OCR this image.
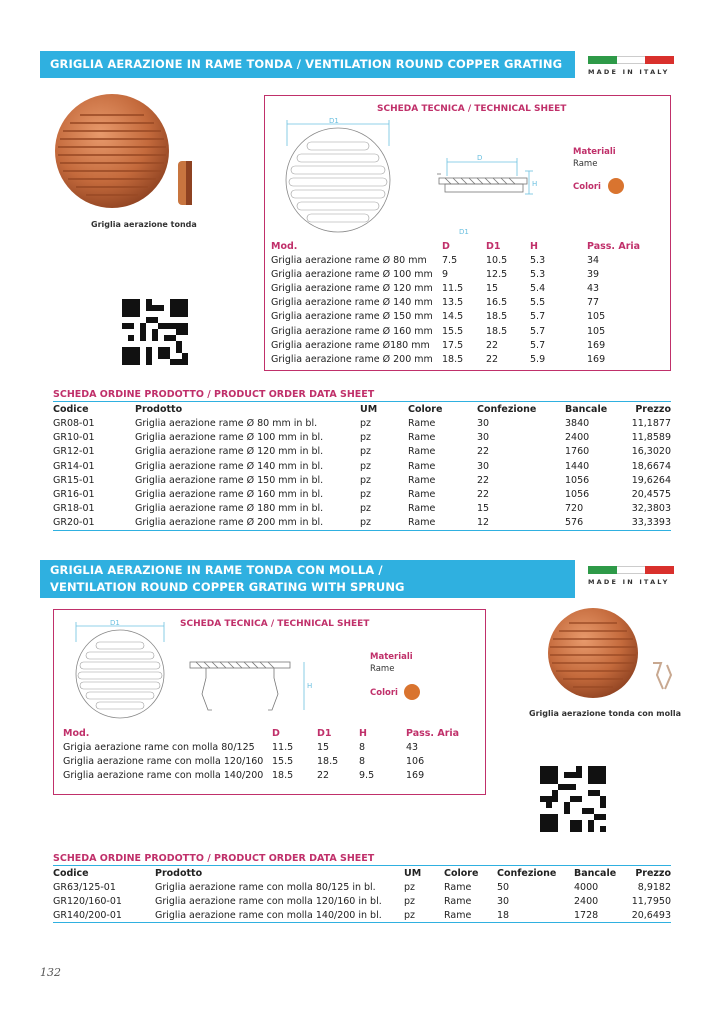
GRIGLIA AERAZIONE IN RAME TONDA / VENTILATION ROUND COPPER GRATING
MADE IN ITALY
Griglia aerazione tonda
SCHEDA TECNICA / TECHNICAL SHEET
D1
D
H
D1
Materiali
Rame
Colori
Mod.	D	D1	H	Pass. Aria
Griglia aerazione rame Ø 80 mm	7.5	10.5	5.3	34
Griglia aerazione rame Ø 100 mm	9	12.5	5.3	39
Griglia aerazione rame Ø 120 mm	11.5	15	5.4	43
Griglia aerazione rame Ø 140 mm	13.5	16.5	5.5	77
Griglia aerazione rame Ø 150 mm	14.5	18.5	5.7	105
Griglia aerazione rame Ø 160 mm	15.5	18.5	5.7	105
Griglia aerazione rame Ø180 mm	17.5	22	5.7	169
Griglia aerazione rame Ø 200 mm	18.5	22	5.9	169
SCHEDA ORDINE PRODOTTO / PRODUCT ORDER DATA SHEET
Codice	Prodotto	UM	Colore	Confezione	Bancale	Prezzo
GR08-01	Griglia aerazione rame Ø 80 mm in bl.	pz	Rame	30	3840	11,1877
GR10-01	Griglia aerazione rame Ø 100 mm in bl.	pz	Rame	30	2400	11,8589
GR12-01	Griglia aerazione rame Ø 120 mm in bl.	pz	Rame	22	1760	16,3020
GR14-01	Griglia aerazione rame Ø 140 mm in bl.	pz	Rame	30	1440	18,6674
GR15-01	Griglia aerazione rame Ø 150 mm in bl.	pz	Rame	22	1056	19,6264
GR16-01	Griglia aerazione rame Ø 160 mm in bl.	pz	Rame	22	1056	20,4575
GR18-01	Griglia aerazione rame Ø 180 mm in bl.	pz	Rame	15	720	32,3803
GR20-01	Griglia aerazione rame Ø 200 mm in bl.	pz	Rame	12	576	33,3393
GRIGLIA AERAZIONE IN RAME TONDA CON MOLLA /
VENTILATION ROUND COPPER GRATING WITH SPRUNG	MADE IN ITALY
SCHEDA TECNICA / TECHNICAL SHEET
D1
H
Materiali
Rame
Colori
Mod.	D	D1	H	Pass. Aria
Grigia aerazione rame con molla 80/125	11.5	15	8	43
Griglia aerazione rame con molla 120/160	15.5	18.5	8	106
Griglia aerazione rame con molla 140/200	18.5	22	9.5	169
Griglia aerazione tonda con molla
SCHEDA ORDINE PRODOTTO / PRODUCT ORDER DATA SHEET
Codice	Prodotto	UM	Colore	Confezione	Bancale	Prezzo
GR63/125-01	Griglia aerazione rame con molla 80/125 in bl.	pz	Rame	50	4000	8,9182
GR120/160-01	Griglia aerazione rame con molla 120/160 in bl.	pz	Rame	30	2400	11,7950
GR140/200-01	Griglia aerazione rame con molla 140/200 in bl.	pz	Rame	18	1728	20,6493
132
